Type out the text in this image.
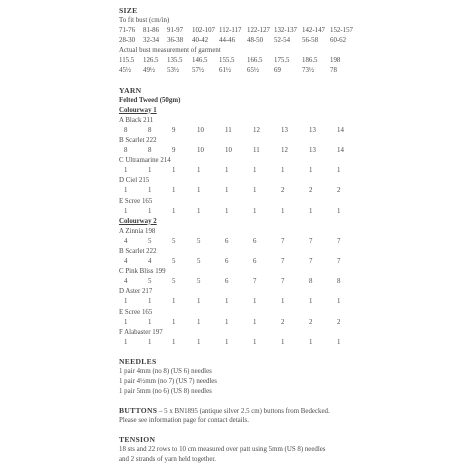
SIZE
To fit bust (cm/in)
71-76 81-86 91-97 102-107 112-117 122-127 132-137 142-147 152-157
28-30 32-34 36-38 40-42 44-46 48-50 52-54 56-58 60-62
Actual bust measurement of garment
115.5 126.5 135.5 146.5 155.5 166.5 175.5 186.5 198
45½ 49½ 53½ 57½ 61½ 65½ 69	73½ 78
YARN
Felted Tweed (50gm)
Colourway 1
A Black 211
8	8	9	10	11	12	13	13	14
B Scarlet 222
8	8	9	10	10	11	12	13	14
C Ultramarine 214
1	1	1	1	1	1	1	1	1
D Ciel 215
1	1	1	1	1	1	2	2	2
E Scree 165
1	1	1	1	1	1	1	1	1
Colourway 2
A Zinnia 198
4	5	5	5	6	6	7	7	7
B Scarlet 222
4	4	5	5	6	6	7	7	7
C Pink Bliss 199
4	5	5	5	6	7	7	8	8
D Aster 217
1	1	1	1	1	1	1	1	1
E Scree 165
1	1	1	1	1	1	2	2	2
F Alabaster 197
1	1	1	1	1	1	1	1	1
NEEDLES
1 pair 4mm (no 8) (US 6) needles
1 pair 4½mm (no 7) (US 7) needles
1 pair 5mm (no 6) (US 8) needles
BUTTONS – 5 x BN1895 (antique silver 2.5 cm) buttons from Bedecked.
Please see information page for contact details.
TENSION
18 sts and 22 rows to 10 cm measured over patt using 5mm (US 8) needles
and 2 strands of yarn held together.
